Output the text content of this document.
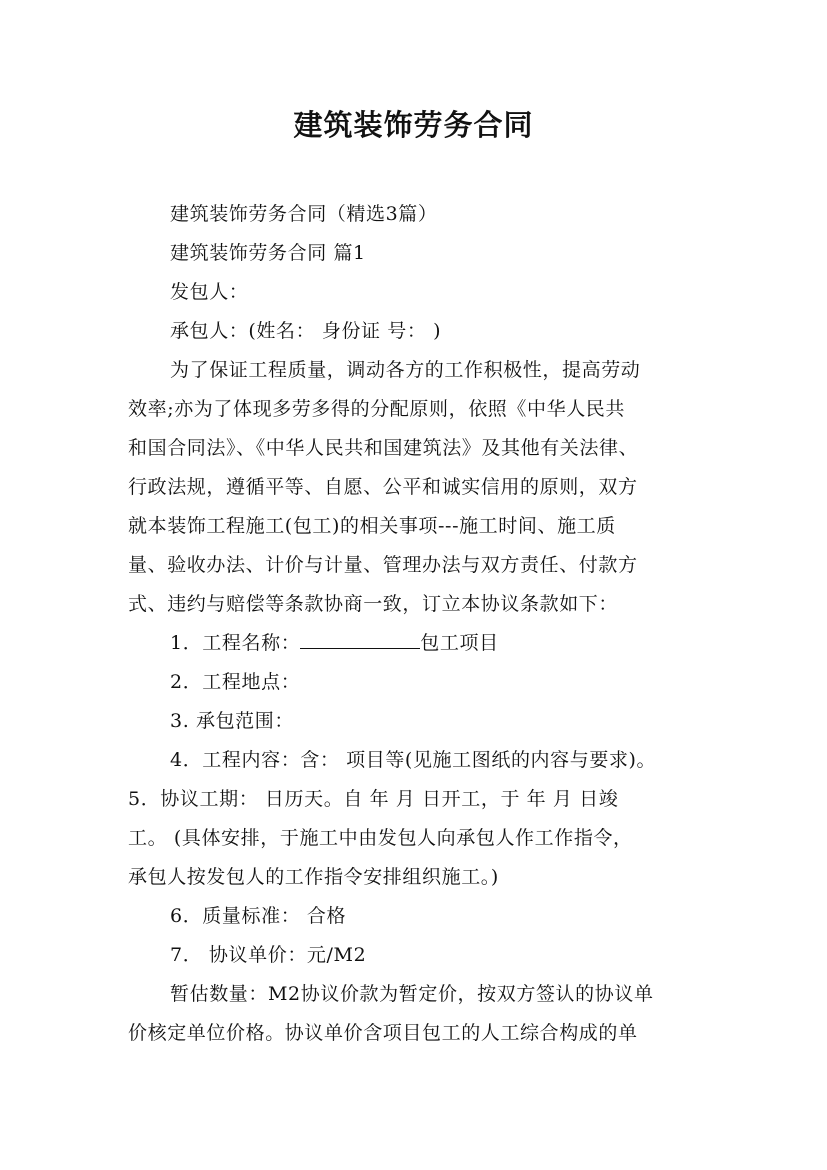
建筑装饰劳务合同
建筑装饰劳务合同（精选3篇）
建筑装饰劳务合同 篇1
发包人：
承包人：(姓名： 身份证 号： )
为了保证工程质量，调动各方的工作积极性，提高劳动
效率;亦为了体现多劳多得的分配原则，依照《中华人民共
和国合同法》、《中华人民共和国建筑法》及其他有关法律、
行政法规，遵循平等、自愿、公平和诚实信用的原则，双方
就本装饰工程施工(包工)的相关事项---施工时间、施工质
量、验收办法、计价与计量、管理办法与双方责任、付款方
式、违约与赔偿等条款协商一致，订立本协议条款如下：
1．工程名称：	包工项目
2．工程地点：
3. 承包范围：
4．工程内容：含： 项目等(见施工图纸的内容与要求)。
5．协议工期： 日历天。自 年 月 日开工，于 年 月 日竣
工。 (具体安排，于施工中由发包人向承包人作工作指令，
承包人按发包人的工作指令安排组织施工。)
6．质量标准： 合格
7． 协议单价：元/M2
暂估数量：M2协议价款为暂定价，按双方签认的协议单
价核定单位价格。协议单价含项目包工的人工综合构成的单
